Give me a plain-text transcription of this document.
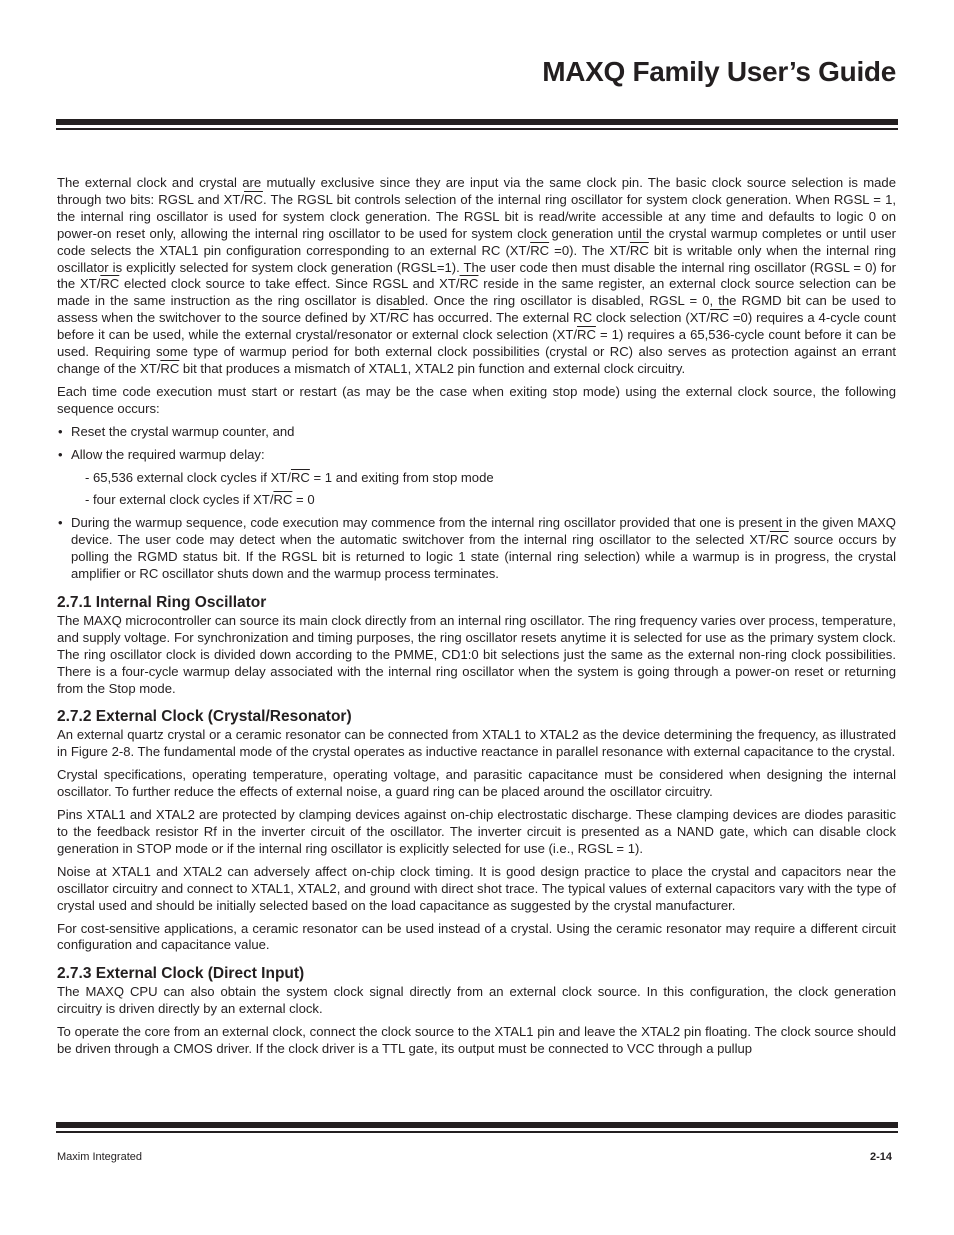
MAXQ Family User’s Guide

The external clock and crystal are mutually exclusive since they are input via the same clock pin. The basic clock source selection is made through two bits: RGSL and $XT/\overline{RC}$. The RGSL bit controls selection of the internal ring oscillator for system clock generation. When RGSL = 1, the internal ring oscillator is used for system clock generation. The RGSL bit is read/write accessible at any time and defaults to logic 0 on power-on reset only, allowing the internal ring oscillator to be used for system clock generation until the crystal warmup completes or until user code selects the XTAL1 pin configuration corresponding to an external RC $(XT/\overline{RC} =0)$. The $XT/\overline{RC}$ bit is writable only when the internal ring oscillator is explicitly selected for system clock generation (RGSL=1). The user code then must disable the internal ring oscillator (RGSL = 0) for the $XT/\overline{RC}$ elected clock source to take effect. Since RGSL and $XT/\overline{RC}$ reside in the same register, an external clock source selection can be made in the same instruction as the ring oscillator is disabled. Once the ring oscillator is disabled, RGSL = 0, the RGMD bit can be used to assess when the switchover to the source defined by $XT/\overline{RC}$ has occurred. The external RC clock selection $(XT/\overline{RC} =0)$ requires a 4-cycle count before it can be used, while the external crystal/resonator or external clock selection $(XT/\overline{RC} = 1)$ requires a 65,536-cycle count before it can be used. Requiring some type of warmup period for both external clock possibilities (crystal or RC) also serves as protection against an errant change of the $XT/\overline{RC}$ bit that produces a mismatch of XTAL1, XTAL2 pin function and external clock circuitry.

Each time code execution must start or restart (as may be the case when exiting stop mode) using the external clock source, the following sequence occurs:

• Reset the crystal warmup counter, and
• Allow the required warmup delay:
- 65,536 external clock cycles if $XT/\overline{RC} = 1$ and exiting from stop mode
- four external clock cycles if $XT/\overline{RC} = 0$
• During the warmup sequence, code execution may commence from the internal ring oscillator provided that one is present in the given MAXQ device. The user code may detect when the automatic switchover from the internal ring oscillator to the selected $XT/\overline{RC}$ source occurs by polling the RGMD status bit. If the RGSL bit is returned to logic 1 state (internal ring selection) while a warmup is in progress, the crystal amplifier or RC oscillator shuts down and the warmup process terminates.
2.7.1 Internal Ring Oscillator

The MAXQ microcontroller can source its main clock directly from an internal ring oscillator. The ring frequency varies over process, temperature, and supply voltage. For synchronization and timing purposes, the ring oscillator resets anytime it is selected for use as the primary system clock. The ring oscillator clock is divided down according to the PMME, CD1:0 bit selections just the same as the external non-ring clock possibilities. There is a four-cycle warmup delay associated with the internal ring oscillator when the system is going through a power-on reset or returning from the Stop mode.

2.7.2 External Clock (Crystal/Resonator)

An external quartz crystal or a ceramic resonator can be connected from XTAL1 to XTAL2 as the device determining the frequency, as illustrated in Figure 2-8. The fundamental mode of the crystal operates as inductive reactance in parallel resonance with external capacitance to the crystal.

Crystal specifications, operating temperature, operating voltage, and parasitic capacitance must be considered when designing the internal oscillator. To further reduce the effects of external noise, a guard ring can be placed around the oscillator circuitry.

Pins XTAL1 and XTAL2 are protected by clamping devices against on-chip electrostatic discharge. These clamping devices are diodes parasitic to the feedback resistor Rf in the inverter circuit of the oscillator. The inverter circuit is presented as a NAND gate, which can disable clock generation in STOP mode or if the internal ring oscillator is explicitly selected for use (i.e., RGSL = 1).

Noise at XTAL1 and XTAL2 can adversely affect on-chip clock timing. It is good design practice to place the crystal and capacitors near the oscillator circuitry and connect to XTAL1, XTAL2, and ground with direct shot trace. The typical values of external capacitors vary with the type of crystal used and should be initially selected based on the load capacitance as suggested by the crystal manufacturer.

For cost-sensitive applications, a ceramic resonator can be used instead of a crystal. Using the ceramic resonator may require a different circuit configuration and capacitance value.

2.7.3 External Clock (Direct Input)

The MAXQ CPU can also obtain the system clock signal directly from an external clock source. In this configuration, the clock generation circuitry is driven directly by an external clock.

To operate the core from an external clock, connect the clock source to the XTAL1 pin and leave the XTAL2 pin floating. The clock source should be driven through a CMOS driver. If the clock driver is a TTL gate, its output must be connected to VCC through a pullup

Maxim Integrated	2-14
